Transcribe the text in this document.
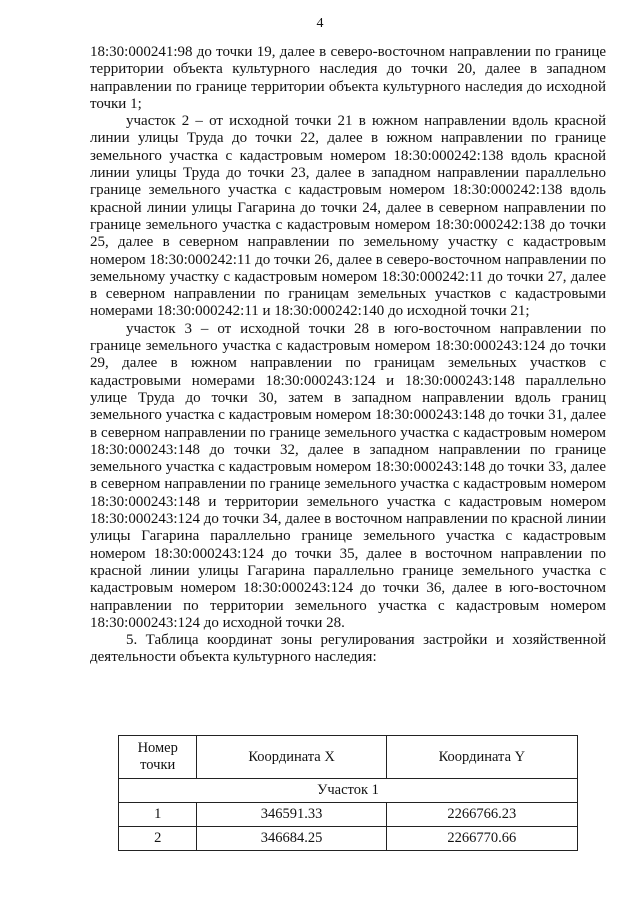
4

18:30:000241:98 до точки 19, далее в северо-восточном направлении по границе территории объекта культурного наследия до точки 20, далее в западном направлении по границе территории объекта культурного наследия до исходной точки 1;

участок 2 – от исходной точки 21 в южном направлении вдоль красной линии улицы Труда до точки 22, далее в южном направлении по границе земельного участка с кадастровым номером 18:30:000242:138 вдоль красной линии улицы Труда до точки 23, далее в западном направлении параллельно границе земельного участка с кадастровым номером 18:30:000242:138 вдоль красной линии улицы Гагарина до точки 24, далее в северном направлении по границе земельного участка с кадастровым номером 18:30:000242:138 до точки 25, далее в северном направлении по земельному участку с кадастровым номером 18:30:000242:11 до точки 26, далее в северо-восточном направлении по земельному участку с кадастровым номером 18:30:000242:11 до точки 27, далее в северном направлении по границам земельных участков с кадастровыми номерами 18:30:000242:11 и 18:30:000242:140 до исходной точки 21;

участок 3 – от исходной точки 28 в юго-восточном направлении по границе земельного участка с кадастровым номером 18:30:000243:124 до точки 29, далее в южном направлении по границам земельных участков с кадастровыми номерами 18:30:000243:124 и 18:30:000243:148 параллельно улице Труда до точки 30, затем в западном направлении вдоль границ земельного участка с кадастровым номером 18:30:000243:148 до точки 31, далее в северном направлении по границе земельного участка с кадастровым номером 18:30:000243:148 до точки 32, далее в западном направлении по границе земельного участка с кадастровым номером 18:30:000243:148 до точки 33, далее в северном направлении по границе земельного участка с кадастровым номером 18:30:000243:148 и территории земельного участка с кадастровым номером 18:30:000243:124 до точки 34, далее в восточном направлении по красной линии улицы Гагарина параллельно границе земельного участка с кадастровым номером 18:30:000243:124 до точки 35, далее в восточном направлении по красной линии улицы Гагарина параллельно границе земельного участка с кадастровым номером 18:30:000243:124 до точки 36, далее в юго-восточном направлении по территории земельного участка с кадастровым номером 18:30:000243:124 до исходной точки 28.

5. Таблица координат зоны регулирования застройки и хозяйственной деятельности объекта культурного наследия:

Номер точки	Координата X	Координата Y
Участок 1		
1	346591.33	2266766.23
2	346684.25	2266770.66
